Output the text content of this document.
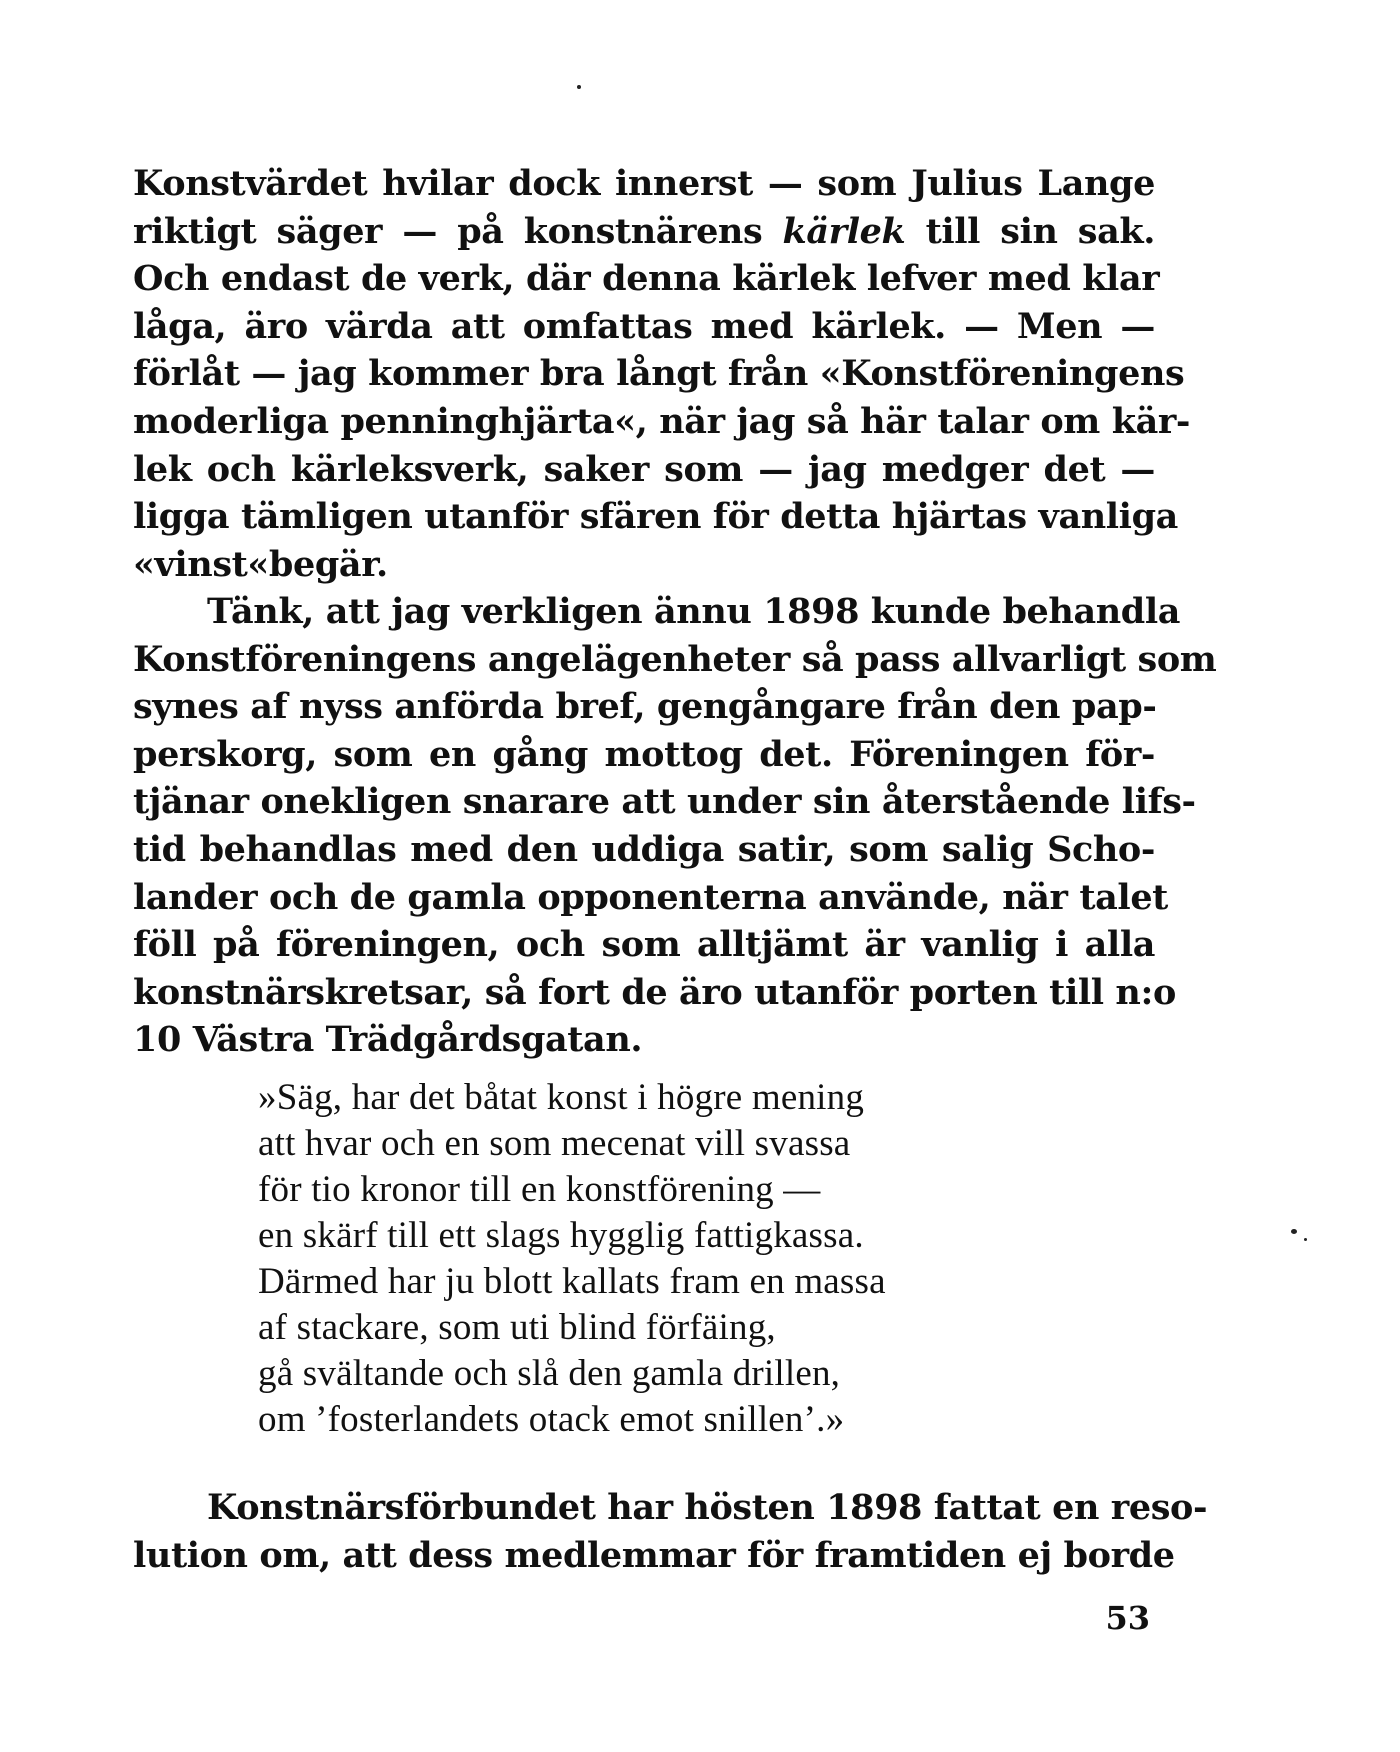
Konstvärdet hvilar dock innerst — som Julius Lange
riktigt säger — på konstnärens kärlek till sin sak.
Och endast de verk, där denna kärlek lefver med klar
låga, äro värda att omfattas med kärlek. — Men —
förlåt — jag kommer bra långt från «Konstföreningens
moderliga penninghjärta«, när jag så här talar om kär-
lek och kärleksverk, saker som — jag medger det —
ligga tämligen utanför sfären för detta hjärtas vanliga
«vinst«begär.
Tänk, att jag verkligen ännu 1898 kunde behandla
Konstföreningens angelägenheter så pass allvarligt som
synes af nyss anförda bref, gengångare från den pap-
perskorg, som en gång mottog det. Föreningen för-
tjänar onekligen snarare att under sin återstående lifs-
tid behandlas med den uddiga satir, som salig Scho-
lander och de gamla opponenterna använde, när talet
föll på föreningen, och som alltjämt är vanlig i alla
konstnärskretsar, så fort de äro utanför porten till n:o
10 Västra Trädgårdsgatan.
»Säg, har det båtat konst i högre mening
att hvar och en som mecenat vill svassa
för tio kronor till en konstförening —
en skärf till ett slags hygglig fattigkassa.
Därmed har ju blott kallats fram en massa
af stackare, som uti blind förfäing,
gå svältande och slå den gamla drillen,
om ’fosterlandets otack emot snillen’.»
Konstnärsförbundet har hösten 1898 fattat en reso-
lution om, att dess medlemmar för framtiden ej borde
53
